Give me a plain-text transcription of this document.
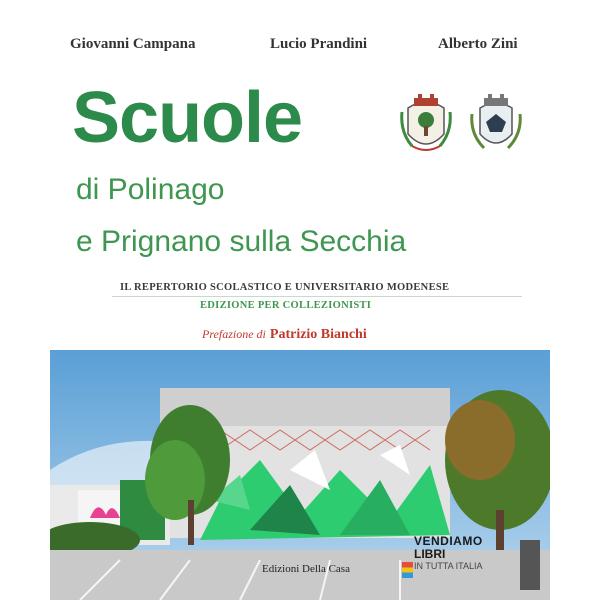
Giovanni Campana	Lucio Prandini	Alberto Zini
Scuole
di Polinago
e Prignano sulla Secchia
IL REPERTORIO SCOLASTICO E UNIVERSITARIO MODENESE
EDIZIONE PER COLLEZIONISTI
Prefazione di Patrizio Bianchi
Edizioni Della Casa
VENDIAMO
LIBRI
IN TUTTA ITALIA
